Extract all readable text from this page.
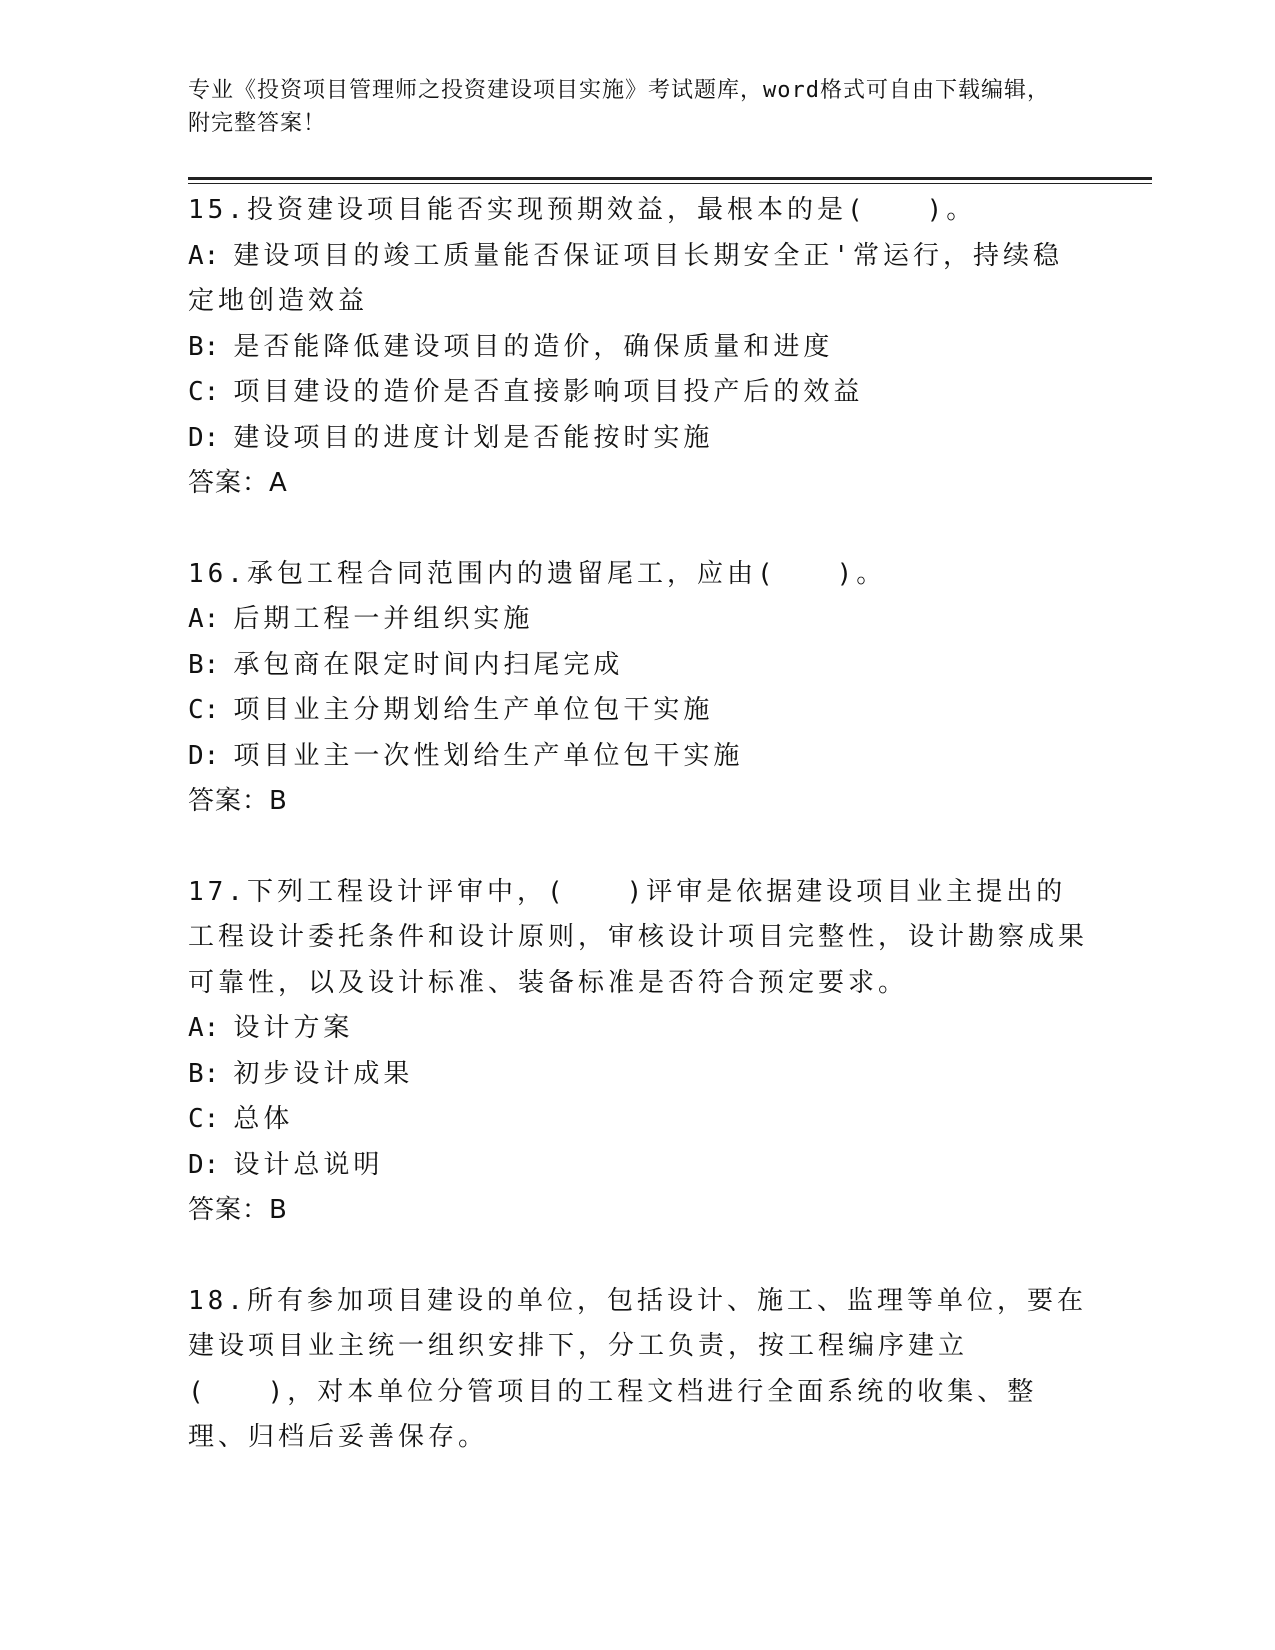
专业《投资项目管理师之投资建设项目实施》考试题库，word格式可自由下载编辑，附完整答案！

15.投资建设项目能否实现预期效益，最根本的是(　　)。

A: 建设项目的竣工质量能否保证项目长期安全正'常运行，持续稳定地创造效益

B: 是否能降低建设项目的造价，确保质量和进度

C: 项目建设的造价是否直接影响项目投产后的效益

D: 建设项目的进度计划是否能按时实施

答案：A

16.承包工程合同范围内的遗留尾工，应由(　　)。

A: 后期工程一并组织实施

B: 承包商在限定时间内扫尾完成

C: 项目业主分期划给生产单位包干实施

D: 项目业主一次性划给生产单位包干实施

答案：B

17.下列工程设计评审中，(　　)评审是依据建设项目业主提出的工程设计委托条件和设计原则，审核设计项目完整性，设计勘察成果可靠性，以及设计标准、装备标准是否符合预定要求。

A: 设计方案

B: 初步设计成果

C: 总体

D: 设计总说明

答案：B

18.所有参加项目建设的单位，包括设计、施工、监理等单位，要在建设项目业主统一组织安排下，分工负责，按工程编序建立(　　)，对本单位分管项目的工程文档进行全面系统的收集、整理、归档后妥善保存。
